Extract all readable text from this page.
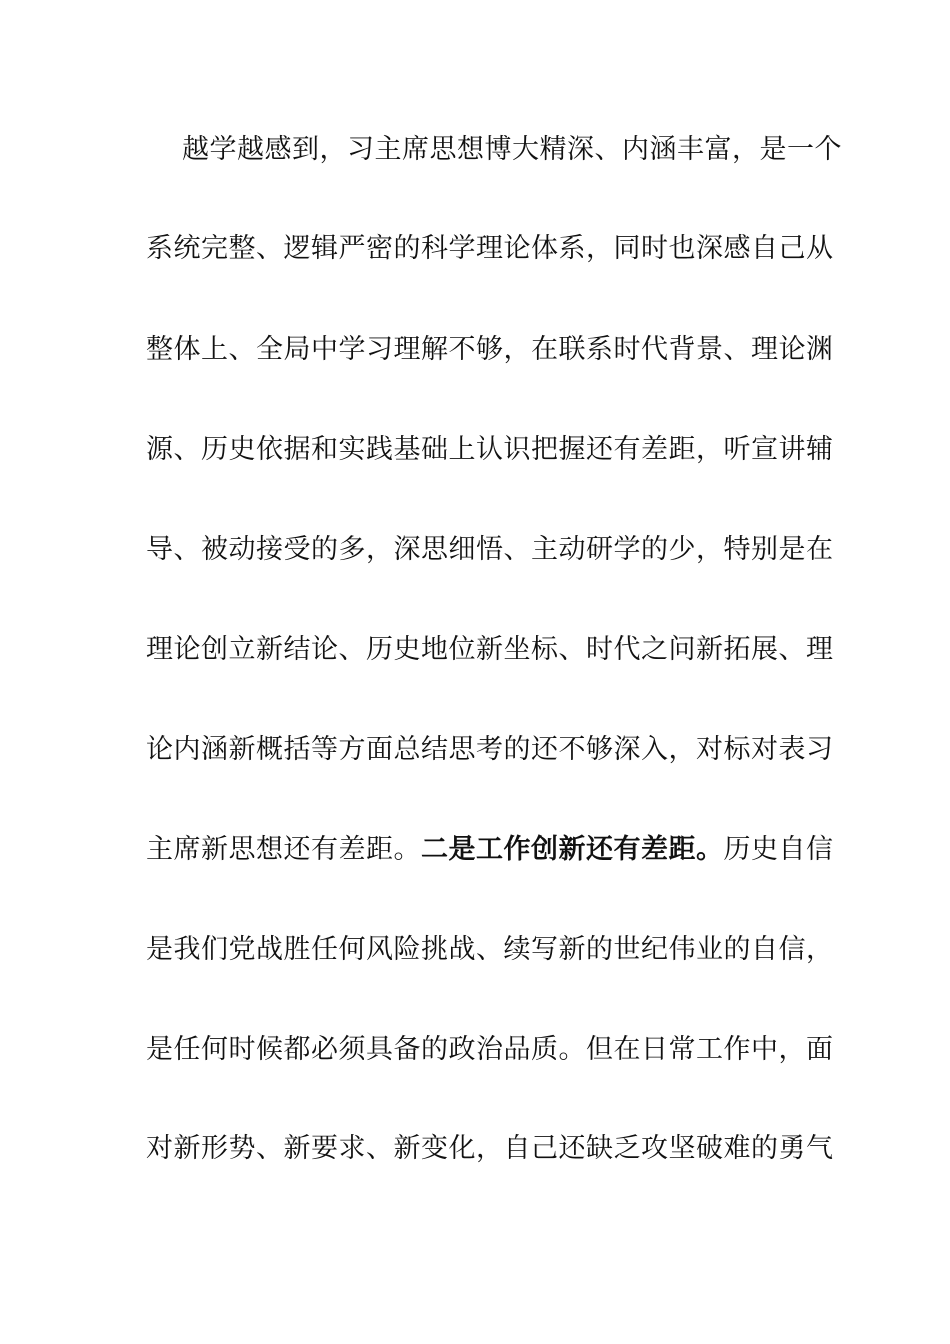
越学越感到，习主席思想博大精深、内涵丰富，是一个
系统完整、逻辑严密的科学理论体系，同时也深感自己从
整体上、全局中学习理解不够，在联系时代背景、理论渊
源、历史依据和实践基础上认识把握还有差距，听宣讲辅
导、被动接受的多，深思细悟、主动研学的少，特别是在
理论创立新结论、历史地位新坐标、时代之问新拓展、理
论内涵新概括等方面总结思考的还不够深入，对标对表习
主席新思想还有差距。二是工作创新还有差距。历史自信
是我们党战胜任何风险挑战、续写新的世纪伟业的自信，
是任何时候都必须具备的政治品质。但在日常工作中，面
对新形势、新要求、新变化，自己还缺乏攻坚破难的勇气
